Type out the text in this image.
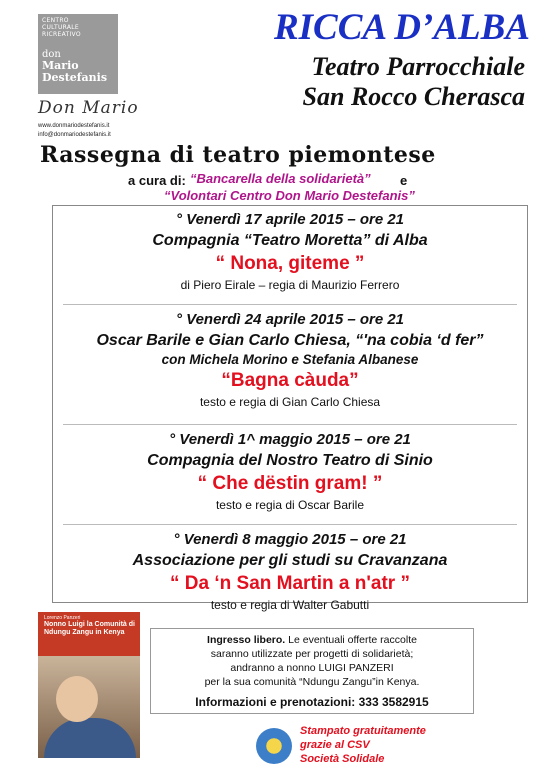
CENTRO
CULTURALE
RICREATIVO
don
Mario
Destefanis
Don Mario
www.donmariodestefanis.it
info@donmariodestefanis.it
RICCA D’ALBA
Teatro Parrocchiale
San Rocco Cherasca
Rassegna di teatro piemontese
a cura di: “Bancarella della solidarietà” e
“Volontari Centro Don Mario Destefanis”
° Venerdì 17 aprile 2015 – ore 21
Compagnia “Teatro Moretta” di Alba
“ Nona, giteme ”
di Piero Eirale – regia di Maurizio Ferrero
° Venerdì 24 aprile 2015 – ore 21
Oscar Barile e Gian Carlo Chiesa, “'na cobia ‘d fer”
con Michela Morino e Stefania Albanese
“Bagna càuda”
testo e regia di Gian Carlo Chiesa
° Venerdì 1^ maggio 2015 – ore 21
Compagnia del Nostro Teatro di Sinio
“ Che dëstin gram! ”
testo e regia di Oscar Barile
° Venerdì 8 maggio 2015 – ore 21
Associazione per gli studi su Cravanzana
“ Da ‘n San Martin a n'atr ”
testo e regia di Walter Gabutti
Lorenzo Panzeri
Nonno Luigi la Comunità di Ndungu Zangu in Kenya
Ingresso libero. Le eventuali offerte raccolte
saranno utilizzate per progetti di solidarietà;
andranno a nonno LUIGI PANZERI
per la sua comunità “Ndungu Zangu”in Kenya.
Informazioni e prenotazioni: 333 3582915
Stampato gratuitamente
grazie al CSV
Società Solidale
